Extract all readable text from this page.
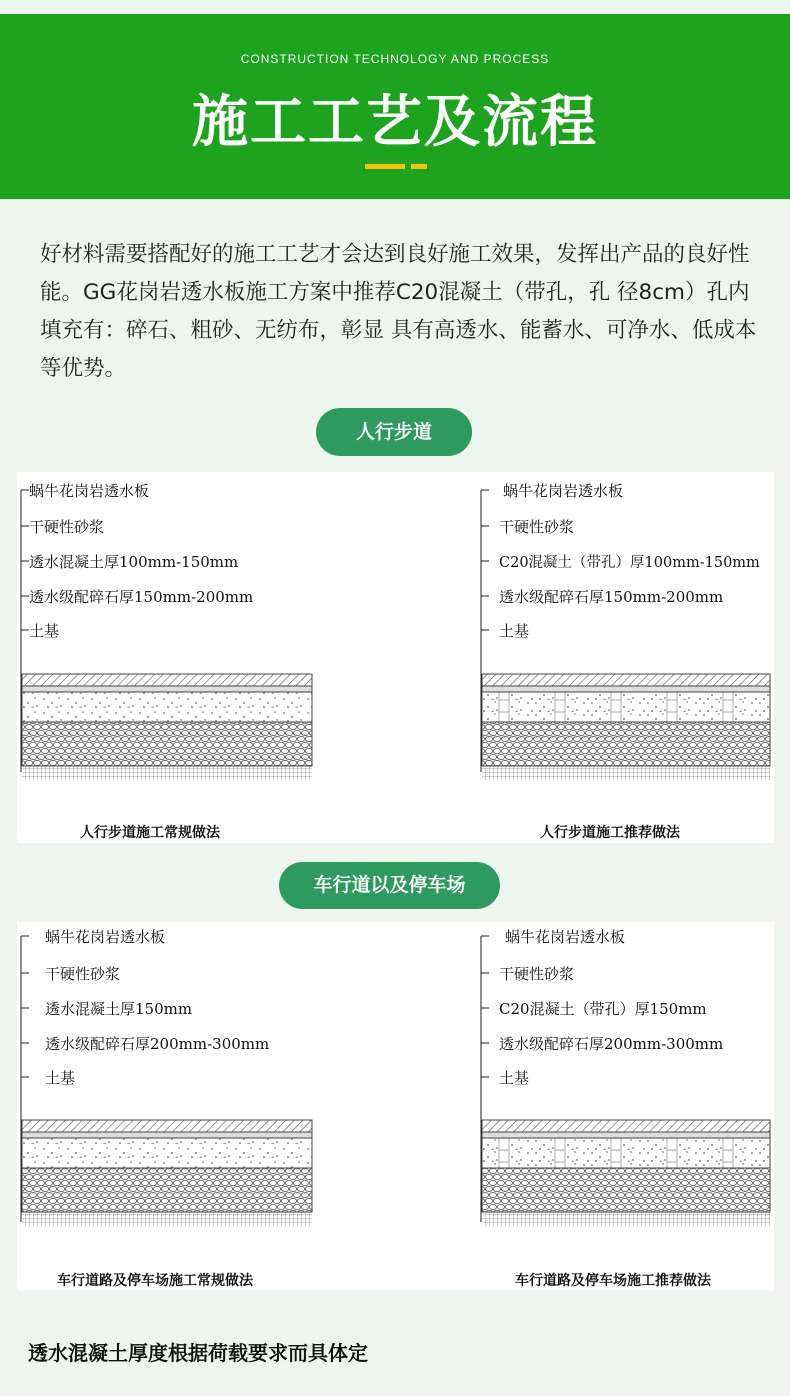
CONSTRUCTION TECHNOLOGY AND PROCESS
施工工艺及流程
好材料需要搭配好的施工工艺才会达到良好施工效果，发挥出产品的良好性能。GG花岗岩透水板施工方案中推荐C20混凝土（带孔，孔 径8cm）孔内填充有：碎石、粗砂、无纺布，彰显 具有高透水、能蓄水、可净水、低成本等优势。
人行步道
蜗牛花岗岩透水板
干硬性砂浆
透水混凝土厚100mm-150mm
透水级配碎石厚150mm-200mm
土基
人行步道施工常规做法
蜗牛花岗岩透水板
干硬性砂浆
C20混凝土（带孔）厚100mm-150mm
透水级配碎石厚150mm-200mm
土基
人行步道施工推荐做法
车行道以及停车场
蜗牛花岗岩透水板
干硬性砂浆
透水混凝土厚150mm
透水级配碎石厚200mm-300mm
土基
车行道路及停车场施工常规做法
蜗牛花岗岩透水板
干硬性砂浆
C20混凝土（带孔）厚150mm
透水级配碎石厚200mm-300mm
土基
车行道路及停车场施工推荐做法
透水混凝土厚度根据荷载要求而具体定
